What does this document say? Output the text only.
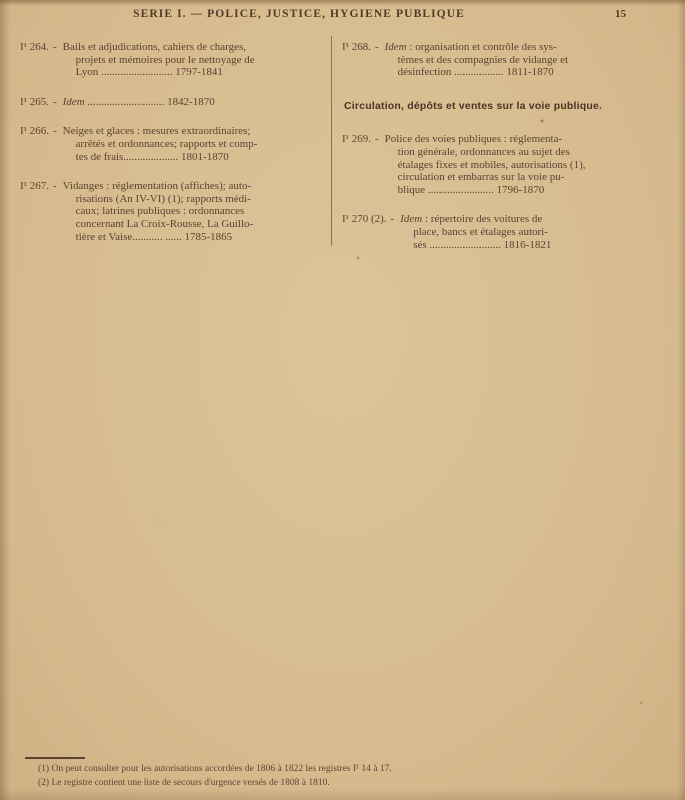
SERIE I. — POLICE, JUSTICE, HYGIENE PUBLIQUE	15
I¹ 264. - Bails et adjudications, cahiers de charges,
projets et mémoires pour le nettoyage de
Lyon .......................... 1797-1841
I¹ 265. - Idem ............................ 1842-1870
I¹ 266. - Neiges et glaces : mesures extraordinaires;
arrêtés et ordonnances; rapports et comp-
tes de frais.................... 1801-1870
I¹ 267. - Vidanges : réglementation (affiches); auto-
risations (An IV-VI) (1); rapports médi-
caux; latrines publiques : ordonnances
concernant La Croix-Rousse, La Guillo-
tière et Vaise........... ...... 1785-1865
I¹ 268. - Idem : organisation et contrôle des sys-
tèmes et des compagnies de vidange et
désinfection .................. 1811-1870
Circulation, dépôts et ventes sur la voie publique.
I¹ 269. - Police des voies publiques : réglementa-
tion générale, ordonnances au sujet des
étalages fixes et mobiles, autorisations (1),
circulation et embarras sur la voie pu-
blique ........................ 1796-1870
I¹ 270 (2). - Idem : répertoire des voitures de
place, bancs et étalages autori-
sés .......................... 1816-1821
(1) On peut consulter pour les autorisations accordées de 1806 à 1822 les registres I¹ 14 à 17.
(2) Le registre contient une liste de secours d'urgence versés de 1808 à 1810.
